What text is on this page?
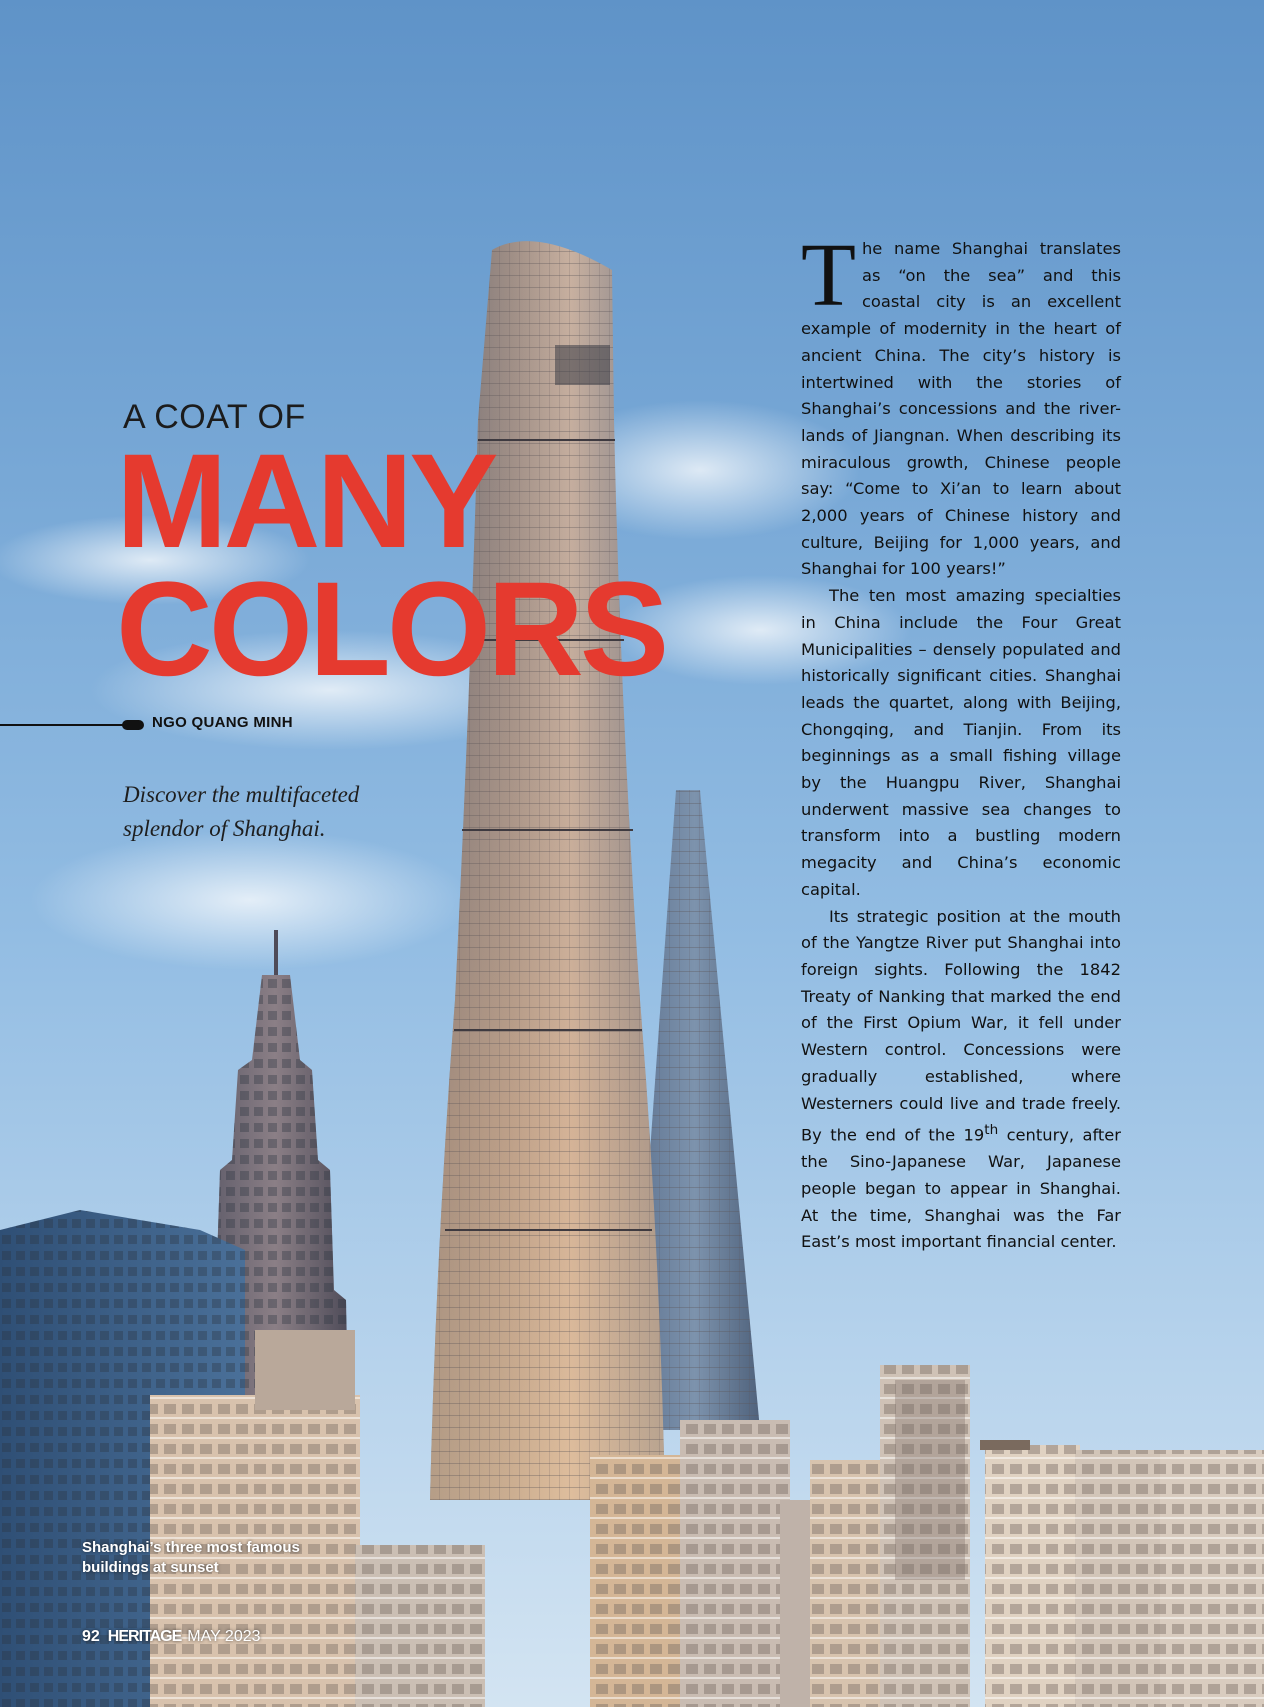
A COAT OF
MANY
COLORS
NGO QUANG MINH
Discover the multifaceted splendor of Shanghai.

The name Shanghai translates as “on the sea” and this coastal city is an excellent example of modernity in the heart of ancient China. The city’s history is intertwined with the stories of Shanghai’s concessions and the river-lands of Jiangnan. When describing its miraculous growth, Chinese people say: “Come to Xi’an to learn about 2,000 years of Chinese history and culture, Beijing for 1,000 years, and Shanghai for 100 years!”

The ten most amazing specialties in China include the Four Great Municipalities – densely populated and historically significant cities. Shanghai leads the quartet, along with Beijing, Chongqing, and Tianjin. From its beginnings as a small fishing village by the Huangpu River, Shanghai underwent massive sea changes to transform into a bustling modern megacity and China’s economic capital.

Its strategic position at the mouth of the Yangtze River put Shanghai into foreign sights. Following the 1842 Treaty of Nanking that marked the end of the First Opium War, it fell under Western control. Concessions were gradually established, where Westerners could live and trade freely. By the end of the 19th century, after the Sino-Japanese War, Japanese people began to appear in Shanghai. At the time, Shanghai was the Far East’s most important financial center.

Shanghai’s three most famous buildings at sunset
92 HERITAGE MAY 2023
